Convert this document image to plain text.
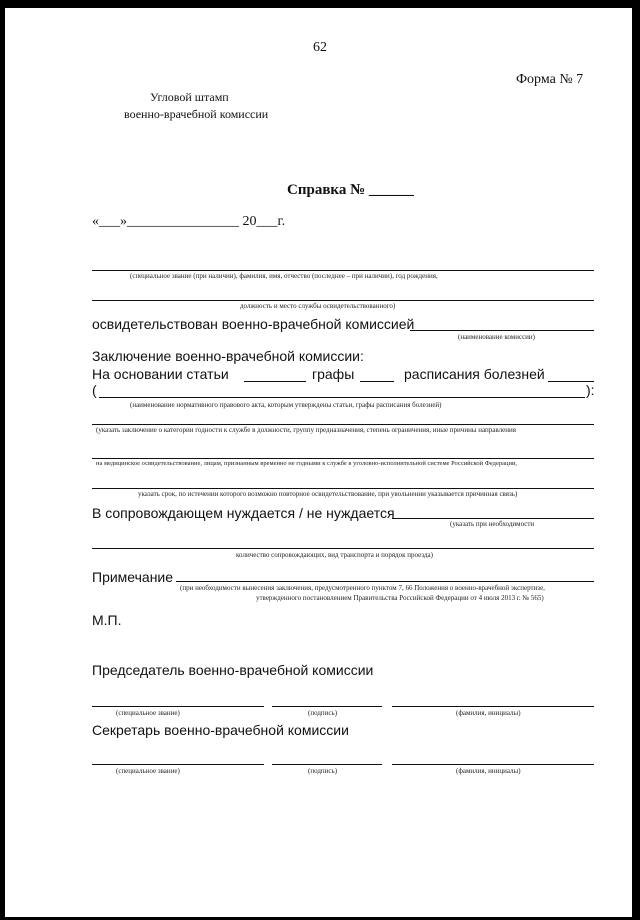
62
Форма № 7
Угловой штамп
военно-врачебной комиссии
Справка № ______
«___»________________ 20___г.
(специальное звание (при наличии), фамилия, имя, отчество (последнее – при наличии), год рождения,
должность и место службы освидетельствованного)
освидетельствован военно-врачебной комиссией
(наименование комиссии)
Заключение военно-врачебной комиссии:
На основании статьи	графы	расписания болезней
(	):
(наименование нормативного правового акта, которым утверждены статьи, графы расписания болезней)
(указать заключение о категории годности к службе в должности, группу предназначения, степень ограничения, иные причины направления
на медицинское освидетельствование, лицам, признанным временно не годными к службе в уголовно-исполнительной системе Российской Федерации,
указать срок, по истечении которого возможно повторное освидетельствование, при увольнении указывается причинная связь)
В сопровождающем нуждается / не нуждается
(указать при необходимости
количество сопровождающих, вид транспорта и порядок проезда)
Примечание
(при необходимости вынесения заключения, предусмотренного пунктом 7, 66 Положения о военно-врачебной экспертизе,
утвержденного постановлением Правительства Российской Федерации от 4 июля 2013 г. № 565)
М.П.
Председатель военно-врачебной комиссии
(специальное звание)	(подпись)	(фамилия, инициалы)
Секретарь военно-врачебной комиссии
(специальное звание)	(подпись)	(фамилия, инициалы)
